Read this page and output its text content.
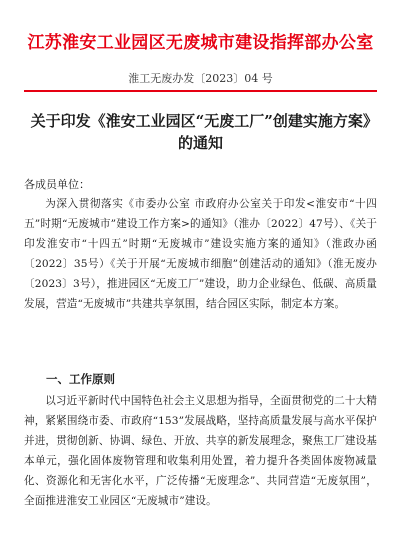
江苏淮安工业园区无废城市建设指挥部办公室
淮工无废办发〔2023〕04 号
关于印发《淮安工业园区“无废工厂”创建实施方案》的通知
各成员单位：
为深入贯彻落实《市委办公室 市政府办公室关于印发<淮安市“十四五”时期“无废城市”建设工作方案>的通知》（淮办〔2022〕47号）、《关于印发淮安市“十四五”时期“无废城市”建设实施方案的通知》（淮政办函〔2022〕35号）《关于开展“无废城市细胞”创建活动的通知》（淮无废办〔2023〕3号），推进园区“无废工厂”建设，助力企业绿色、低碳、高质量发展，营造“无废城市”共建共享氛围，结合园区实际，制定本方案。
一、工作原则
以习近平新时代中国特色社会主义思想为指导，全面贯彻党的二十大精神，紧紧围绕市委、市政府“153”发展战略，坚持高质量发展与高水平保护并进，贯彻创新、协调、绿色、开放、共享的新发展理念，聚焦工厂建设基本单元，强化固体废物管理和收集利用处置，着力提升各类固体废物减量化、资源化和无害化水平，广泛传播“无废理念”、共同营造“无废氛围”，全面推进淮安工业园区“无废城市”建设。
